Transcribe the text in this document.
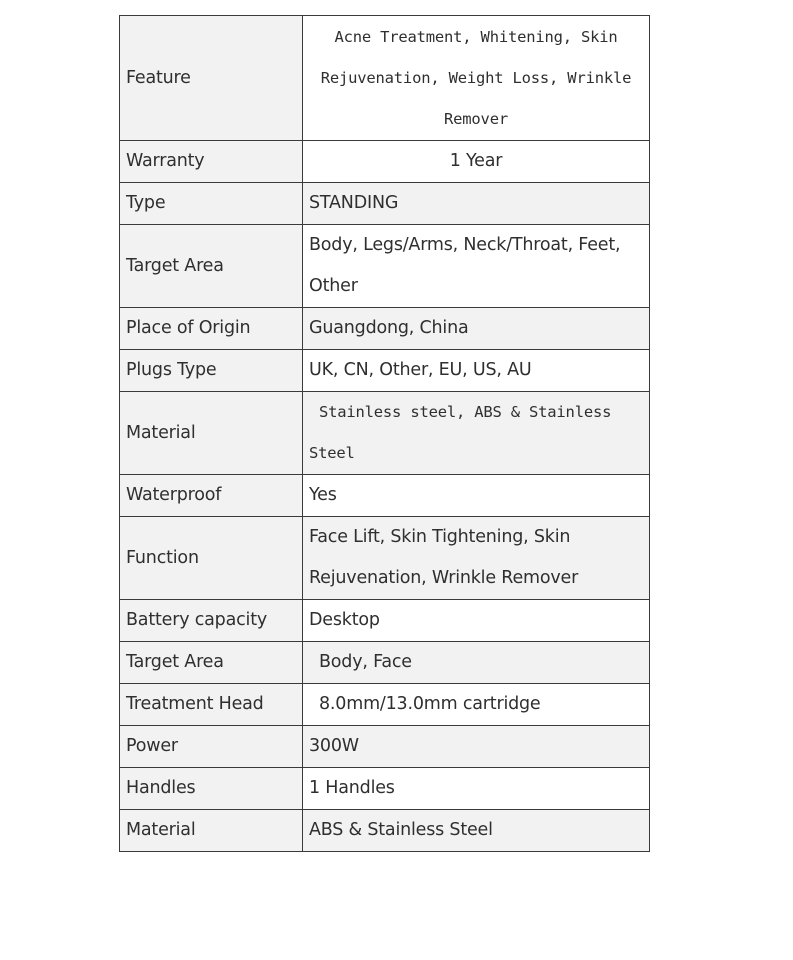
Feature	Acne Treatment, Whitening, Skin Rejuvenation, Weight Loss, Wrinkle Remover
Warranty	1 Year
Type	STANDING
Target Area	Body, Legs/Arms, Neck/Throat, Feet, Other
Place of Origin	Guangdong, China
Plugs Type	UK, CN, Other, EU, US, AU
Material	Stainless steel, ABS & Stainless Steel
Waterproof	Yes
Function	Face Lift, Skin Tightening, Skin Rejuvenation, Wrinkle Remover
Battery capacity	Desktop
Target Area	Body, Face
Treatment Head	8.0mm/13.0mm cartridge
Power	300W
Handles	1 Handles
Material	ABS & Stainless Steel
